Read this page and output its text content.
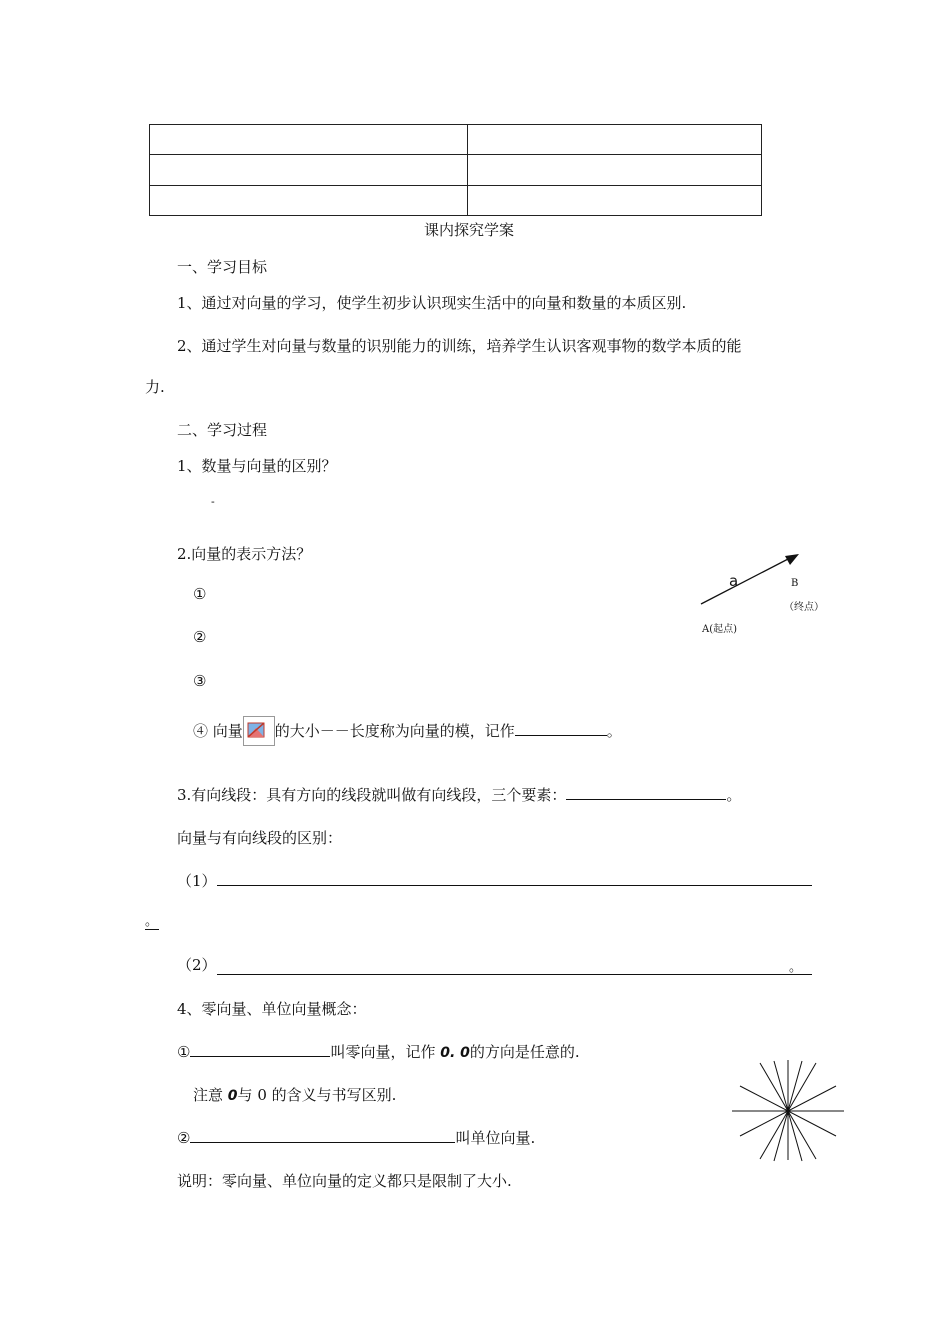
课内探究学案
一、学习目标
1、通过对向量的学习，使学生初步认识现实生活中的向量和数量的本质区别.
2、通过学生对向量与数量的识别能力的训练，培养学生认识客观事物的数学本质的能
力.
二、学习过程
1、数量与向量的区别？
-
2.向量的表示方法？
①
②
③
a	B
（终点）
A(起点)
④ 向量 的大小－－长度称为向量的模，记作	。
3.有向线段：具有方向的线段就叫做有向线段，三个要素：	。
向量与有向线段的区别：
（1）
。
（2）	。
4、零向量、单位向量概念：
①	叫零向量，记作 0. 0的方向是任意的.
注意 0与 0 的含义与书写区别.
②	叫单位向量.
说明：零向量、单位向量的定义都只是限制了大小.
